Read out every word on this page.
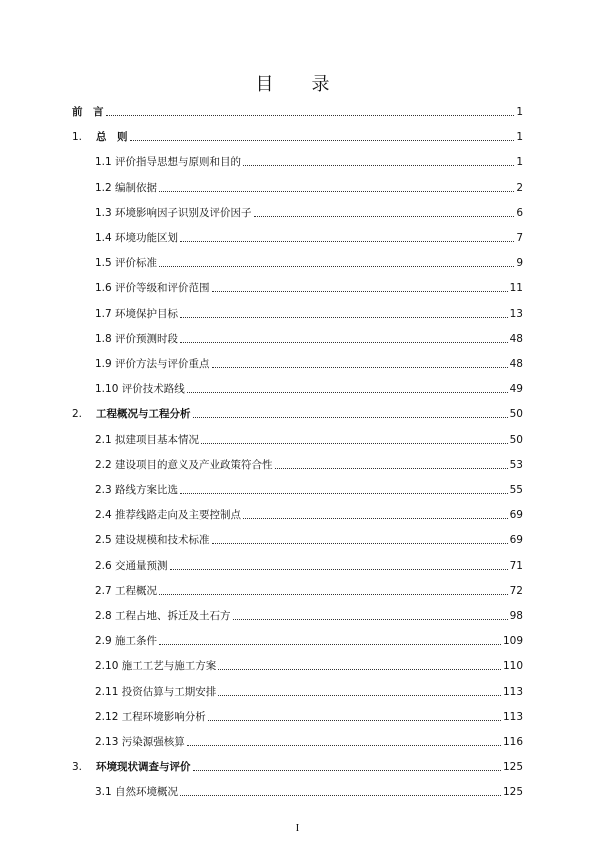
目　录
前　言	1
1.	总　则	1
1.1 评价指导思想与原则和目的	1
1.2 编制依据	2
1.3 环境影响因子识别及评价因子	6
1.4 环境功能区划	7
1.5 评价标准	9
1.6 评价等级和评价范围	11
1.7 环境保护目标	13
1.8 评价预测时段	48
1.9 评价方法与评价重点	48
1.10 评价技术路线	49
2.	工程概况与工程分析	50
2.1 拟建项目基本情况	50
2.2 建设项目的意义及产业政策符合性	53
2.3 路线方案比选	55
2.4 推荐线路走向及主要控制点	69
2.5 建设规模和技术标准	69
2.6 交通量预测	71
2.7 工程概况	72
2.8 工程占地、拆迁及土石方	98
2.9 施工条件	109
2.10 施工工艺与施工方案	110
2.11 投资估算与工期安排	113
2.12 工程环境影响分析	113
2.13 污染源强核算	116
3.	环境现状调查与评价	125
3.1 自然环境概况	125
I
